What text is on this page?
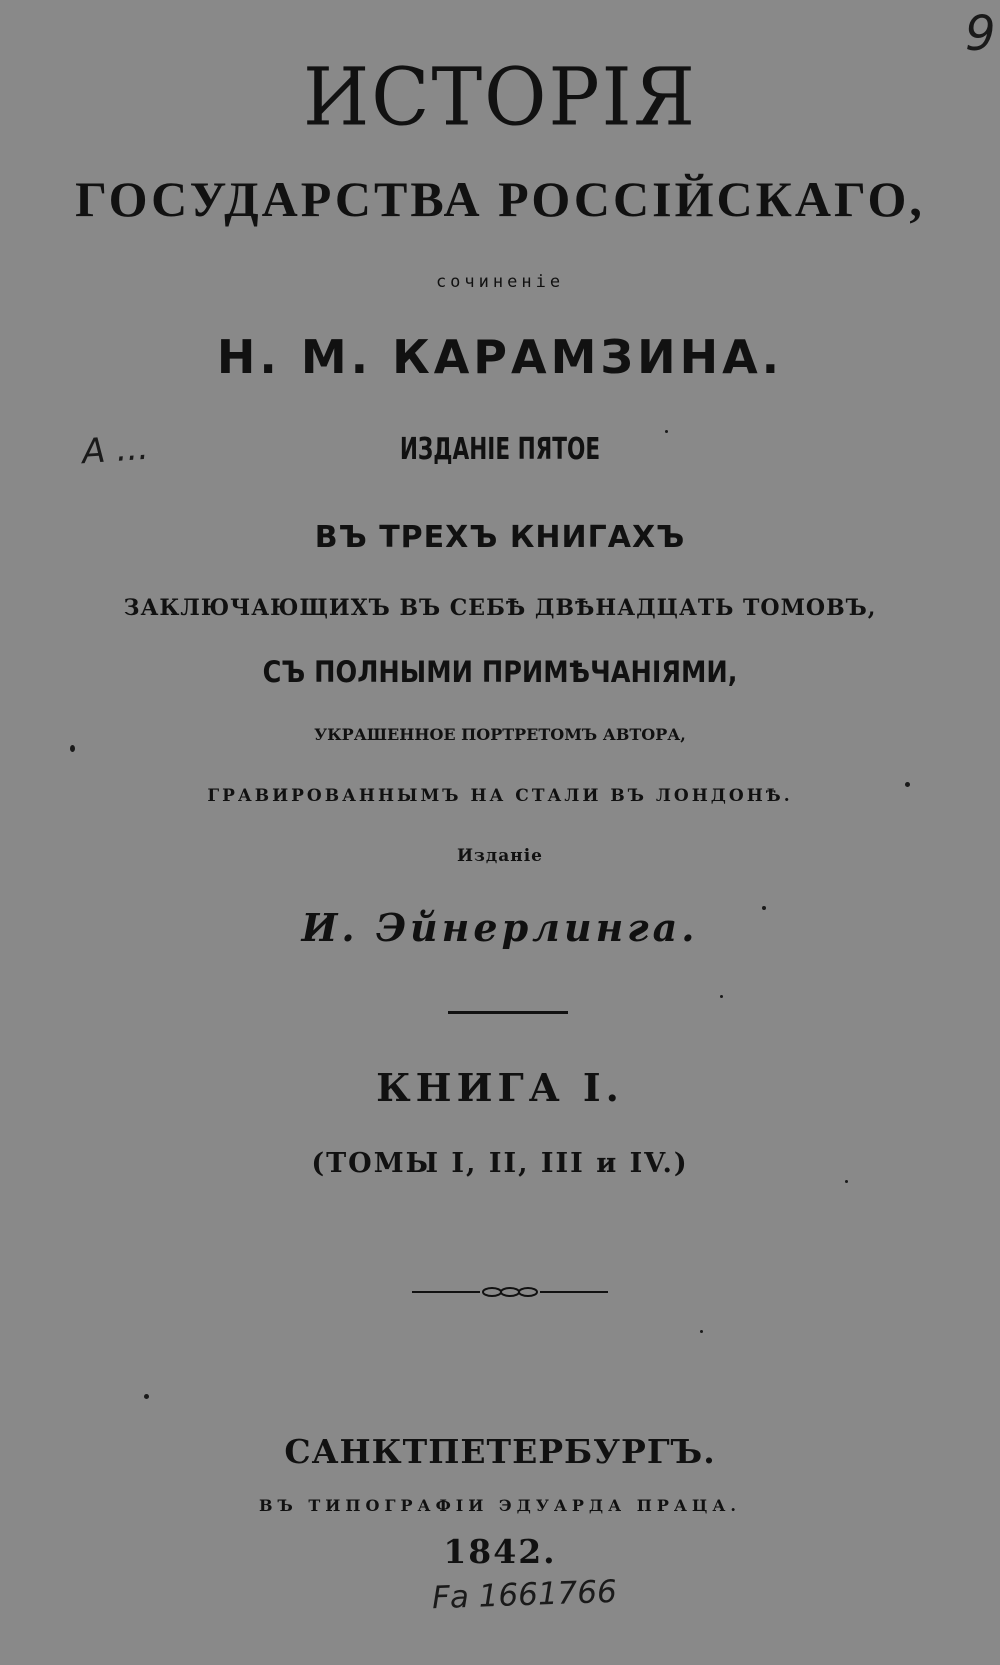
9
ИСТОРІЯ
ГОСУДАРСТВА РОССІЙСКАГО,
сочиненіе
Н. М. КАРАМЗИНА.
A ...	ИЗДАНІЕ ПЯТОЕ
ВЪ ТРЕХЪ КНИГАХЪ
ЗАКЛЮЧАЮЩИХЪ ВЪ СЕБѢ ДВѢНАДЦАТЬ ТОМОВЪ,
СЪ ПОЛНЫМИ ПРИМѢЧАНІЯМИ,
УКРАШЕННОЕ ПОРТРЕТОМЪ АВТОРА,
ГРАВИРОВАННЫМЪ НА СТАЛИ ВЪ ЛОНДОНѢ.
Изданіе
И. Эйнерлинга.
КНИГА I.
(ТОМЫ I, II, III и IV.)
САНКТПЕТЕРБУРГЪ.
ВЪ ТИПОГРАФІИ ЭДУАРДА ПРАЦА.
1842.
Fa 1661766
